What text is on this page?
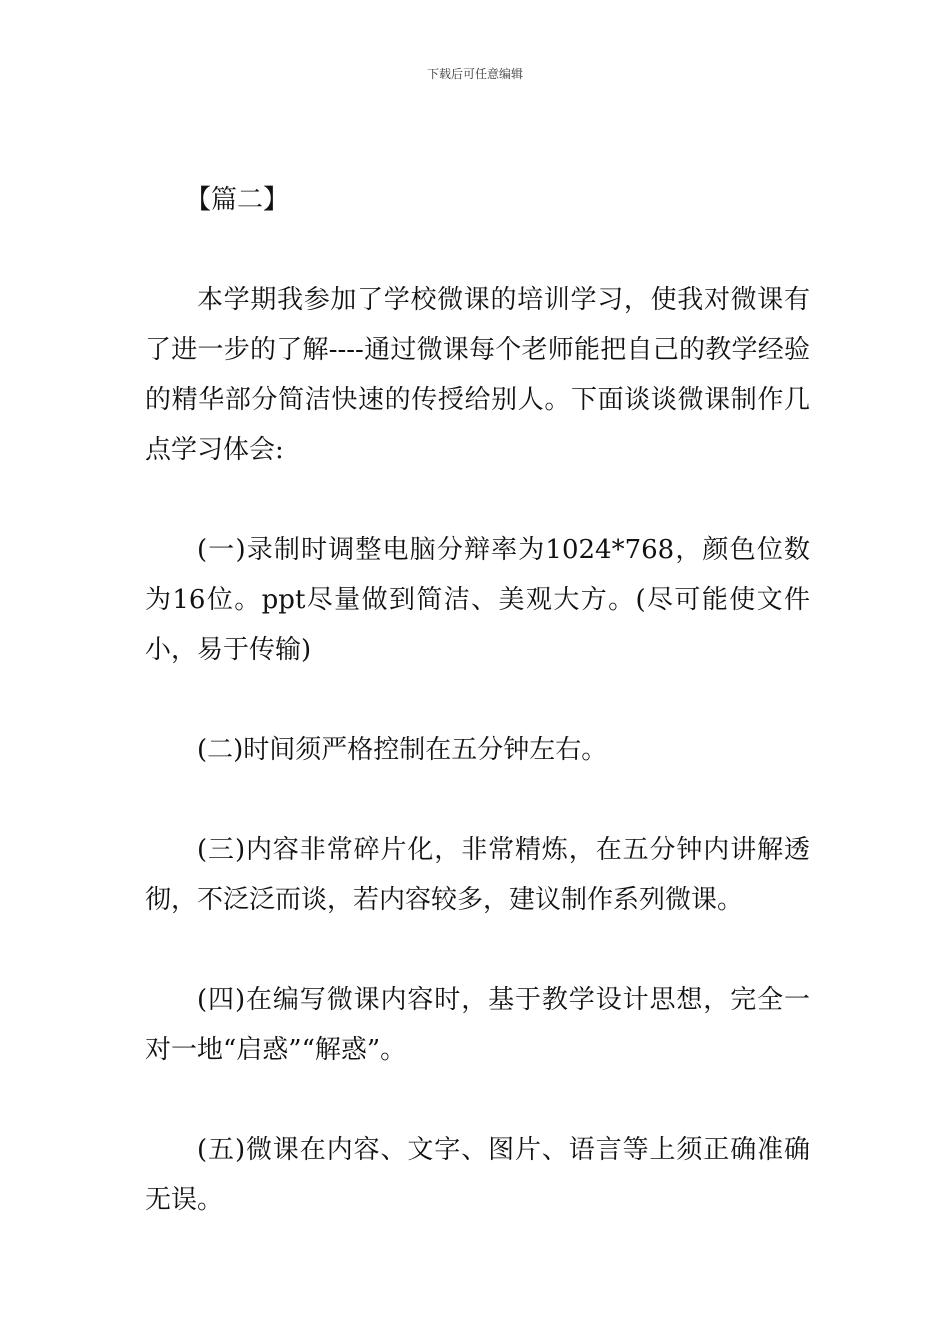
下载后可任意编辑
【篇二】

本学期我参加了学校微课的培训学习，使我对微课有了进一步的了解----通过微课每个老师能把自己的教学经验的精华部分简洁快速的传授给别人。下面谈谈微课制作几点学习体会:

(一)录制时调整电脑分辩率为1024*768，颜色位数为16位。ppt尽量做到简洁、美观大方。(尽可能使文件小，易于传输)

(二)时间须严格控制在五分钟左右。

(三)内容非常碎片化，非常精炼，在五分钟内讲解透彻，不泛泛而谈，若内容较多，建议制作系列微课。

(四)在编写微课内容时，基于教学设计思想，完全一对一地“启惑”“解惑”。

(五)微课在内容、文字、图片、语言等上须正确准确无误。
